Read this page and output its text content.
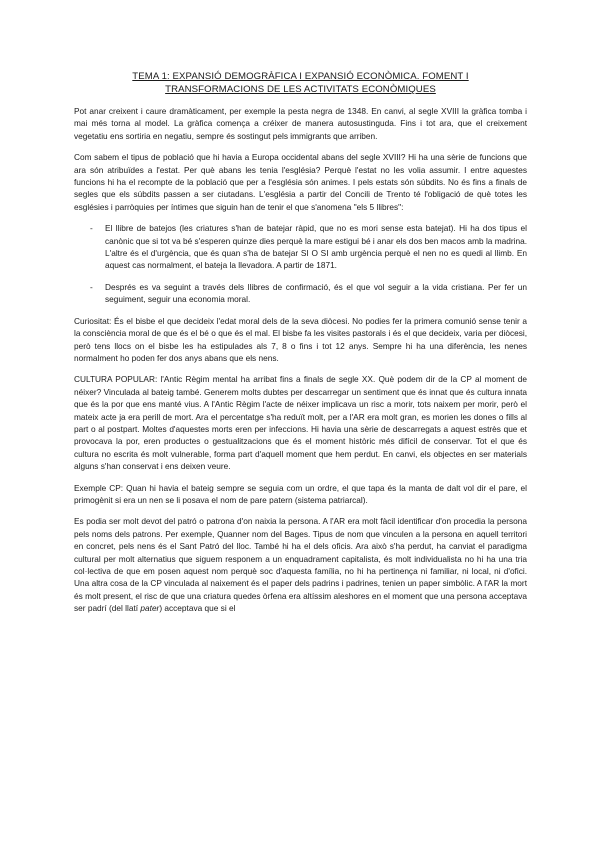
TEMA 1: EXPANSIÓ DEMOGRÀFICA I EXPANSIÓ ECONÒMICA. FOMENT I
TRANSFORMACIONS DE LES ACTIVITATS ECONÒMIQUES
Pot anar creixent i caure dramàticament, per exemple la pesta negra de 1348. En canvi, al segle XVIII la gràfica tomba i mai més torna al model. La gràfica comença a créixer de manera autosustinguda. Fins i tot ara, que el creixement vegetatiu ens sortiria en negatiu, sempre és sostingut pels immigrants que arriben.
Com sabem el tipus de població que hi havia a Europa occidental abans del segle XVIII? Hi ha una sèrie de funcions que ara són atribuïdes a l'estat. Per què abans les tenia l'església? Perquè l'estat no les volia assumir. I entre aquestes funcions hi ha el recompte de la població que per a l'església són animes. I pels estats són súbdits. No és fins a finals de segles que els súbdits passen a ser ciutadans. L'església a partir del Concili de Trento té l'obligació de què totes les esglésies i parròquies per íntimes que siguin han de tenir el que s'anomena "els 5 llibres":
- El llibre de batejos (les criatures s'han de batejar ràpid, que no es mori sense esta batejat). Hi ha dos tipus el canònic que si tot va bé s'esperen quinze dies perquè la mare estigui bé i anar els dos ben macos amb la madrina. L'altre és el d'urgència, que és quan s'ha de batejar SI O SI amb urgència perquè el nen no es quedi al llimb. En aquest cas normalment, el bateja la llevadora. A partir de 1871.
- Després es va seguint a través dels llibres de confirmació, és el que vol seguir a la vida cristiana. Per fer un seguiment, seguir una economia moral.
Curiositat: És el bisbe el que decideix l'edat moral dels de la seva diòcesi. No podies fer la primera comunió sense tenir a la consciència moral de que és el bé o que és el mal. El bisbe fa les visites pastorals i és el que decideix, varia per diòcesi, però tens llocs on el bisbe les ha estipulades als 7, 8 o fins i tot 12 anys. Sempre hi ha una diferència, les nenes normalment ho poden fer dos anys abans que els nens.
CULTURA POPULAR: l'Antic Règim mental ha arribat fins a finals de segle XX. Què podem dir de la CP al moment de néixer? Vinculada al bateig també. Generem molts dubtes per descarregar un sentiment que és innat que és cultura innata que és la por que ens manté vius. A l'Antic Règim l'acte de néixer implicava un risc a morir, tots naixem per morir, però el mateix acte ja era perill de mort. Ara el percentatge s'ha reduït molt, per a l'AR era molt gran, es morien les dones o fills al part o al postpart. Moltes d'aquestes morts eren per infeccions. Hi havia una sèrie de descarregats a aquest estrès que et provocava la por, eren productes o gestualitzacions que és el moment històric més difícil de conservar. Tot el que és cultura no escrita és molt vulnerable, forma part d'aquell moment que hem perdut. En canvi, els objectes en ser materials alguns s'han conservat i ens deixen veure.
Exemple CP: Quan hi havia el bateig sempre se seguia com un ordre, el que tapa és la manta de dalt vol dir el pare, el primogènit si era un nen se li posava el nom de pare patern (sistema patriarcal).
Es podia ser molt devot del patró o patrona d'on naixia la persona. A l'AR era molt fàcil identificar d'on procedia la persona pels noms dels patrons. Per exemple, Quanner nom del Bages. Tipus de nom que vinculen a la persona en aquell territori en concret, pels nens és el Sant Patró del lloc. També hi ha el dels oficis. Ara això s'ha perdut, ha canviat el paradigma cultural per molt alternatius que siguem responem a un enquadrament capitalista, és molt individualista no hi ha una tria col·lectiva de que em posen aquest nom perquè soc d'aquesta família, no hi ha pertinença ni familiar, ni local, ni d'ofici. Una altra cosa de la CP vinculada al naixement és el paper dels padrins i padrines, tenien un paper simbòlic. A l'AR la mort és molt present, el risc de que una criatura quedes òrfena era altíssim aleshores en el moment que una persona acceptava ser padrí (del llatí pater) acceptava que si el
